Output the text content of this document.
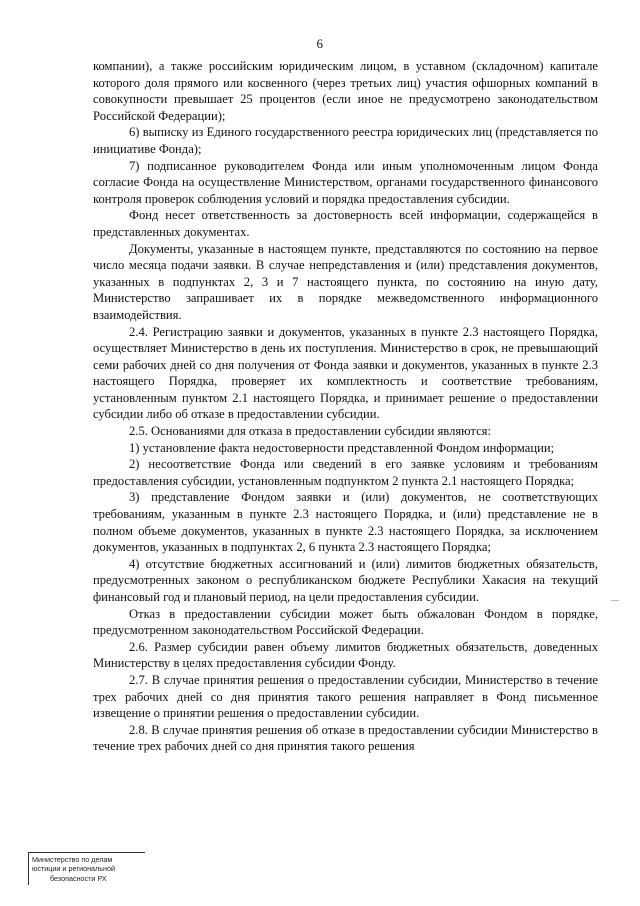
6

компании), а также российским юридическим лицом, в уставном (складочном) капитале которого доля прямого или косвенного (через третьих лиц) участия офшорных компаний в совокупности превышает 25 процентов (если иное не предусмотрено законодательством Российской Федерации);

6) выписку из Единого государственного реестра юридических лиц (представляется по инициативе Фонда);

7) подписанное руководителем Фонда или иным уполномоченным лицом Фонда согласие Фонда на осуществление Министерством, органами государственного финансового контроля проверок соблюдения условий и порядка предоставления субсидии.

Фонд несет ответственность за достоверность всей информации, содержащейся в представленных документах.

Документы, указанные в настоящем пункте, представляются по состоянию на первое число месяца подачи заявки. В случае непредставления и (или) представления документов, указанных в подпунктах 2, 3 и 7 настоящего пункта, по состоянию на иную дату, Министерство запрашивает их в порядке межведомственного информационного взаимодействия.

2.4. Регистрацию заявки и документов, указанных в пункте 2.3 настоящего Порядка, осуществляет Министерство в день их поступления. Министерство в срок, не превышающий семи рабочих дней со дня получения от Фонда заявки и документов, указанных в пункте 2.3 настоящего Порядка, проверяет их комплектность и соответствие требованиям, установленным пунктом 2.1 настоящего Порядка, и принимает решение о предоставлении субсидии либо об отказе в предоставлении субсидии.

2.5. Основаниями для отказа в предоставлении субсидии являются:

1) установление факта недостоверности представленной Фондом информации;

2) несоответствие Фонда или сведений в его заявке условиям и требованиям предоставления субсидии, установленным подпунктом 2 пункта 2.1 настоящего Порядка;

3) представление Фондом заявки и (или) документов, не соответствующих требованиям, указанным в пункте 2.3 настоящего Порядка, и (или) представление не в полном объеме документов, указанных в пункте 2.3 настоящего Порядка, за исключением документов, указанных в подпунктах 2, 6 пункта 2.3 настоящего Порядка;

4) отсутствие бюджетных ассигнований и (или) лимитов бюджетных обязательств, предусмотренных законом о республиканском бюджете Республики Хакасия на текущий финансовый год и плановый период, на цели предоставления субсидии.

Отказ в предоставлении субсидии может быть обжалован Фондом в порядке, предусмотренном законодательством Российской Федерации.

2.6. Размер субсидии равен объему лимитов бюджетных обязательств, доведенных Министерству в целях предоставления субсидии Фонду.

2.7. В случае принятия решения о предоставлении субсидии, Министерство в течение трех рабочих дней со дня принятия такого решения направляет в Фонд письменное извещение о принятии решения о предоставлении субсидии.

2.8. В случае принятия решения об отказе в предоставлении субсидии Министерство в течение трех рабочих дней со дня принятия такого решения

Министерство по делам
юстиции и региональной
безопасности РХ
